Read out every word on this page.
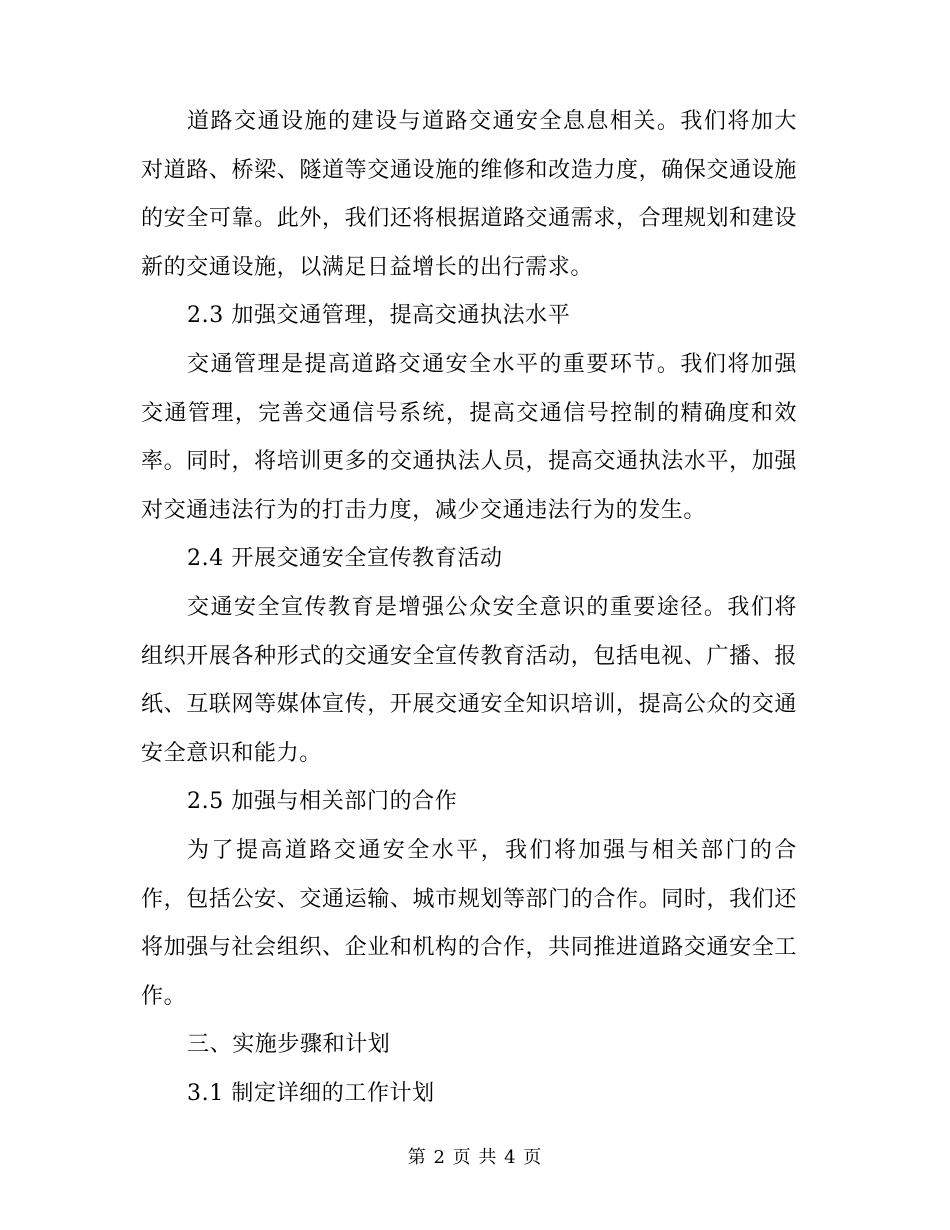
道路交通设施的建设与道路交通安全息息相关。我们将加大对道路、桥梁、隧道等交通设施的维修和改造力度，确保交通设施的安全可靠。此外，我们还将根据道路交通需求，合理规划和建设新的交通设施，以满足日益增长的出行需求。

2.3 加强交通管理，提高交通执法水平

交通管理是提高道路交通安全水平的重要环节。我们将加强交通管理，完善交通信号系统，提高交通信号控制的精确度和效率。同时，将培训更多的交通执法人员，提高交通执法水平，加强对交通违法行为的打击力度，减少交通违法行为的发生。

2.4 开展交通安全宣传教育活动

交通安全宣传教育是增强公众安全意识的重要途径。我们将组织开展各种形式的交通安全宣传教育活动，包括电视、广播、报纸、互联网等媒体宣传，开展交通安全知识培训，提高公众的交通安全意识和能力。

2.5 加强与相关部门的合作

为了提高道路交通安全水平，我们将加强与相关部门的合作，包括公安、交通运输、城市规划等部门的合作。同时，我们还将加强与社会组织、企业和机构的合作，共同推进道路交通安全工作。

三、实施步骤和计划

3.1 制定详细的工作计划

第 2 页 共 4 页
